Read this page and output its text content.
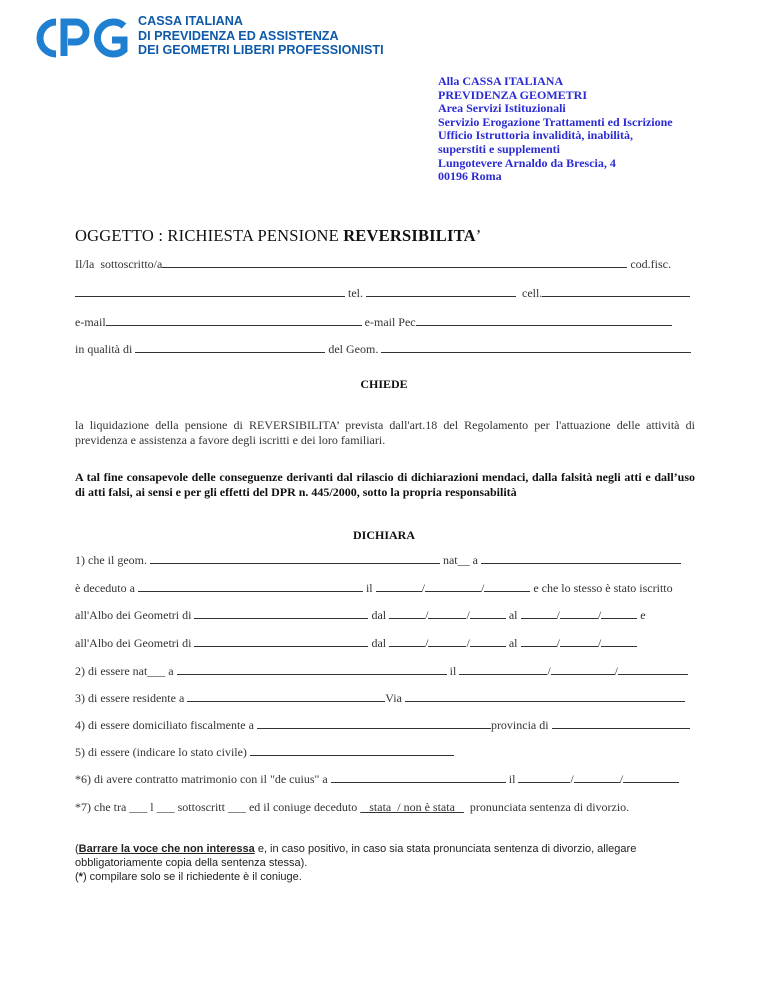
CASSA ITALIANA
DI PREVIDENZA ED ASSISTENZA
DEI GEOMETRI LIBERI PROFESSIONISTI
Alla CASSA ITALIANA
PREVIDENZA GEOMETRI
Area Servizi Istituzionali
Servizio Erogazione Trattamenti ed Iscrizione
Ufficio Istruttoria invalidità, inabilità,
superstiti e supplementi
Lungotevere Arnaldo da Brescia, 4
00196 Roma
OGGETTO : RICHIESTA PENSIONE REVERSIBILITA’
Il/la  sottoscritto/a	cod.fisc.
tel.	cell.
e-mail	e-mail Pec
in qualità di	del Geom.
CHIEDE
la liquidazione della pensione di REVERSIBILITA’ prevista dall'art.18 del Regolamento per l'attuazione delle attività di previdenza e assistenza a favore degli iscritti e dei loro familiari.
A tal fine consapevole delle conseguenze derivanti dal rilascio di dichiarazioni mendaci, dalla falsità negli atti e dall’uso di atti falsi, ai sensi e per gli effetti del DPR n. 445/2000, sotto la propria responsabilità
DICHIARA
1) che il geom.	nat__ a
è deceduto a	il	/	/	e che lo stesso è stato iscritto
all'Albo dei Geometri di	dal	/	/	al	/	/	e
all'Albo dei Geometri di	dal	/	/	al	/	/
2) di essere nat___ a	il	/	/
3) di essere residente a	Via
4) di essere domiciliato fiscalmente a	provincia di
5) di essere (indicare lo stato civile)
*6) di avere contratto matrimonio con il "de cuius" a	il	/	/
*7) che tra ___ l ___ sottoscritt ___ ed il coniuge deceduto    stata  / non è stata     pronunciata sentenza di divorzio.
(Barrare la voce che non interessa e, in caso positivo, in caso sia stata pronunciata sentenza di divorzio, allegare obbligatoriamente copia della sentenza stessa).
(*) compilare solo se il richiedente è il coniuge.
